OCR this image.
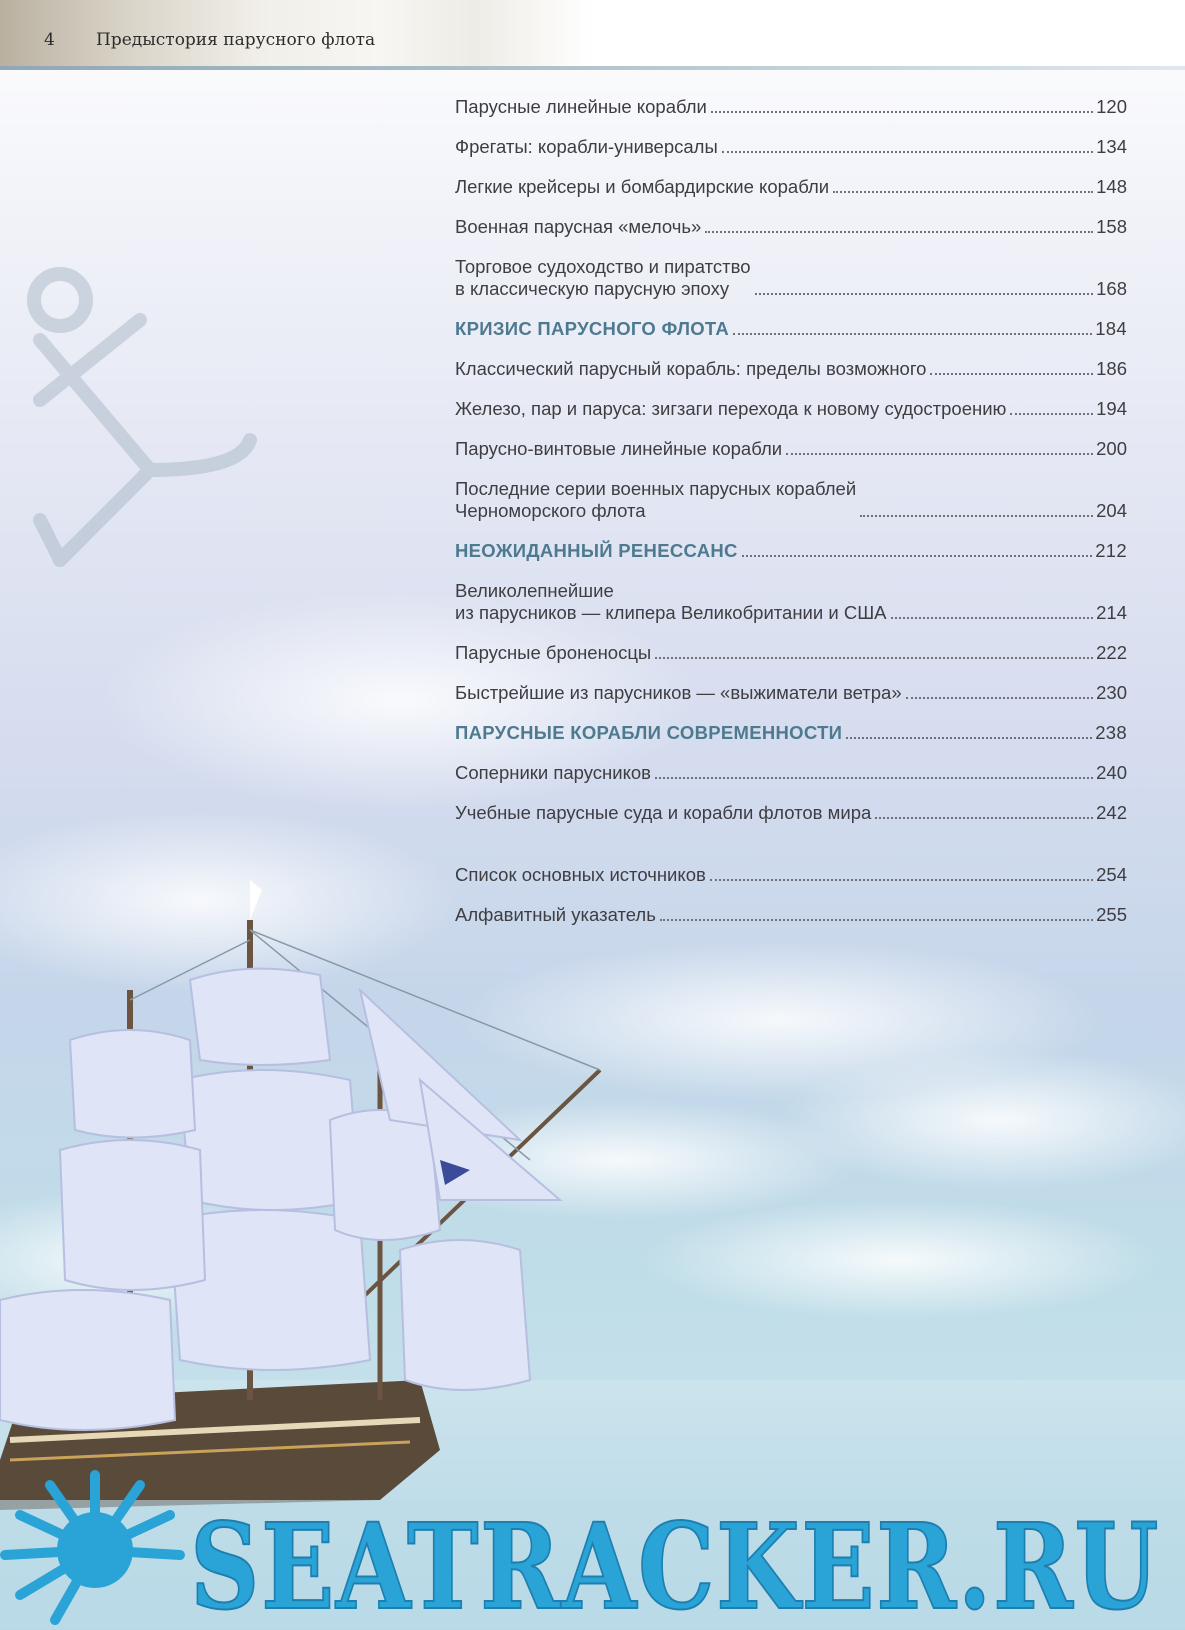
4 Предыстория парусного флота
Парусные линейные корабли	120
Фрегаты: корабли-универсалы	134
Легкие крейсеры и бомбардирские корабли	148
Военная парусная «мелочь»	158
Торговое судоходство и пиратство
в классическую парусную эпоху	168
КРИЗИС ПАРУСНОГО ФЛОТА	184
Классический парусный корабль: пределы возможного	186
Железо, пар и паруса: зигзаги перехода к новому судостроению	194
Парусно-винтовые линейные корабли	200
Последние серии военных парусных кораблей
Черноморского флота	204
НЕОЖИДАННЫЙ РЕНЕССАНС	212
Великолепнейшие
из парусников — клипера Великобритании и США	214
Парусные броненосцы	222
Быстрейшие из парусников — «выжиматели ветра»	230
ПАРУСНЫЕ КОРАБЛИ СОВРЕМЕННОСТИ	238
Соперники парусников	240
Учебные парусные суда и корабли флотов мира	242
Список основных источников	254
Алфавитный указатель	255
SEATRACKER.RU
